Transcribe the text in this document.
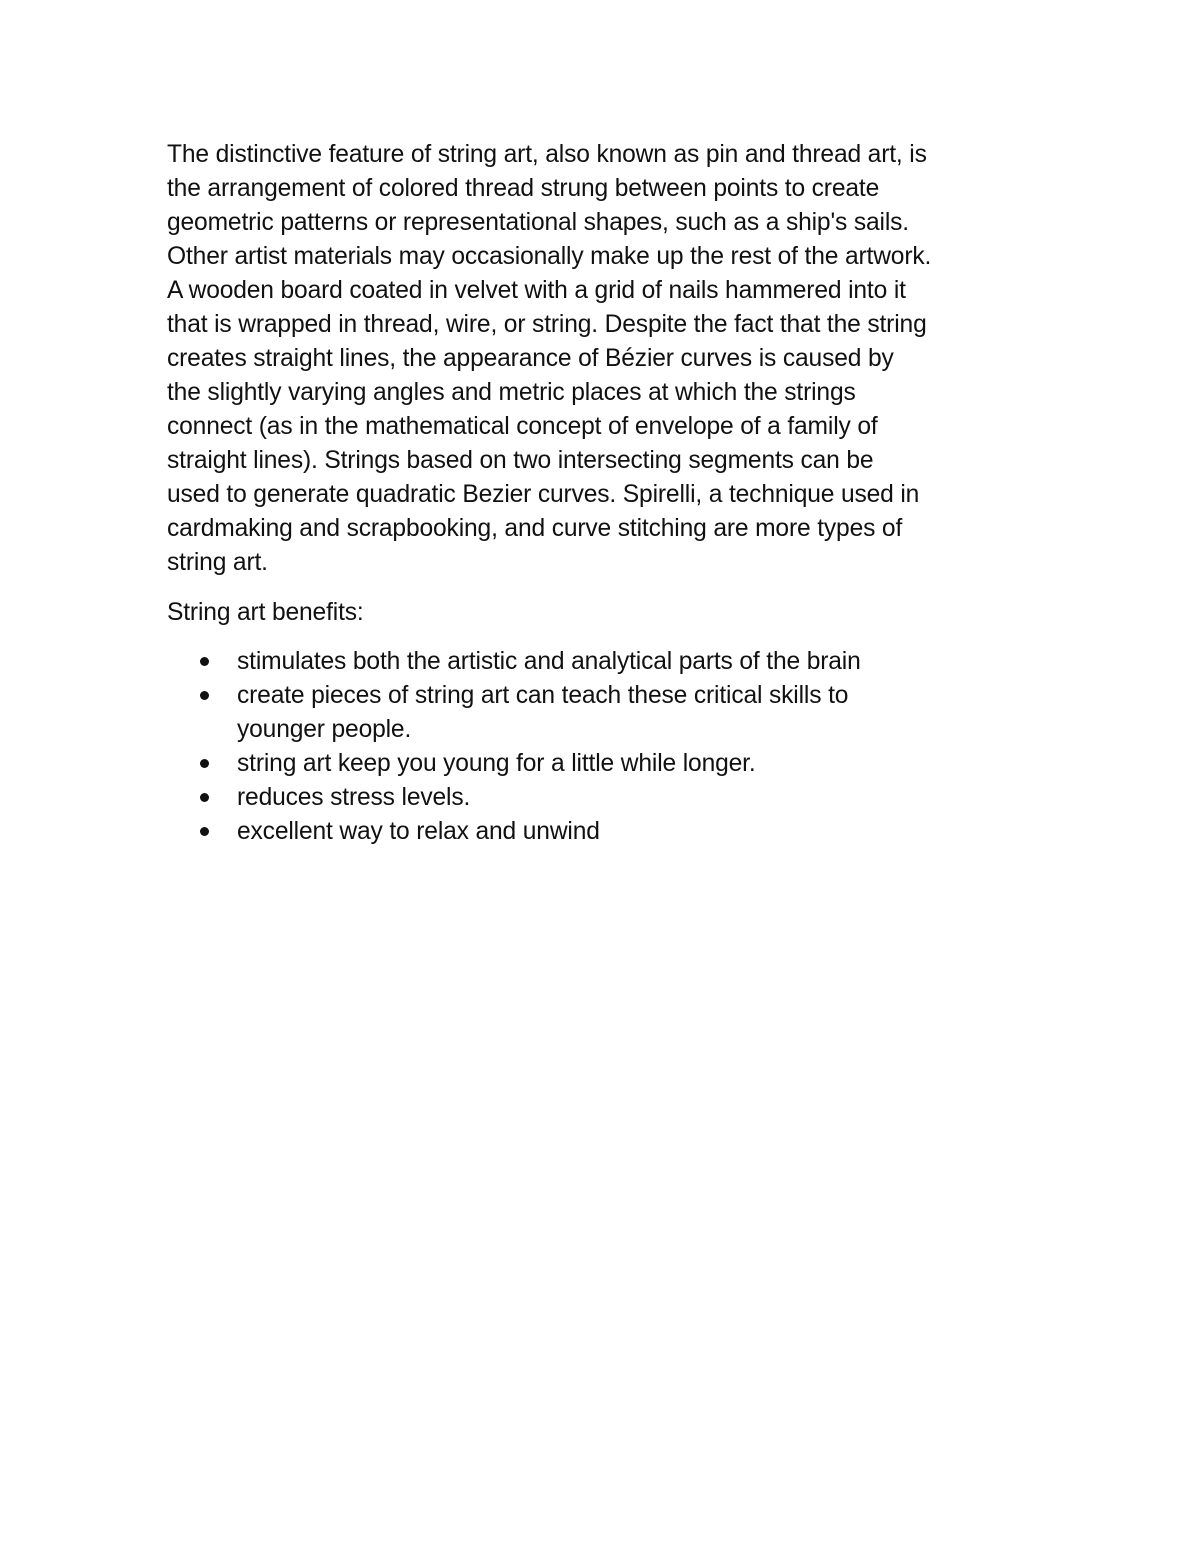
The distinctive feature of string art, also known as pin and thread art, is
the arrangement of colored thread strung between points to create
geometric patterns or representational shapes, such as a ship's sails.
Other artist materials may occasionally make up the rest of the artwork.
A wooden board coated in velvet with a grid of nails hammered into it
that is wrapped in thread, wire, or string. Despite the fact that the string
creates straight lines, the appearance of Bézier curves is caused by
the slightly varying angles and metric places at which the strings
connect (as in the mathematical concept of envelope of a family of
straight lines). Strings based on two intersecting segments can be
used to generate quadratic Bezier curves. Spirelli, a technique used in
cardmaking and scrapbooking, and curve stitching are more types of
string art.
String art benefits:
stimulates both the artistic and analytical parts of the brain
create pieces of string art can teach these critical skills to
younger people.
string art keep you young for a little while longer.
reduces stress levels.
excellent way to relax and unwind
